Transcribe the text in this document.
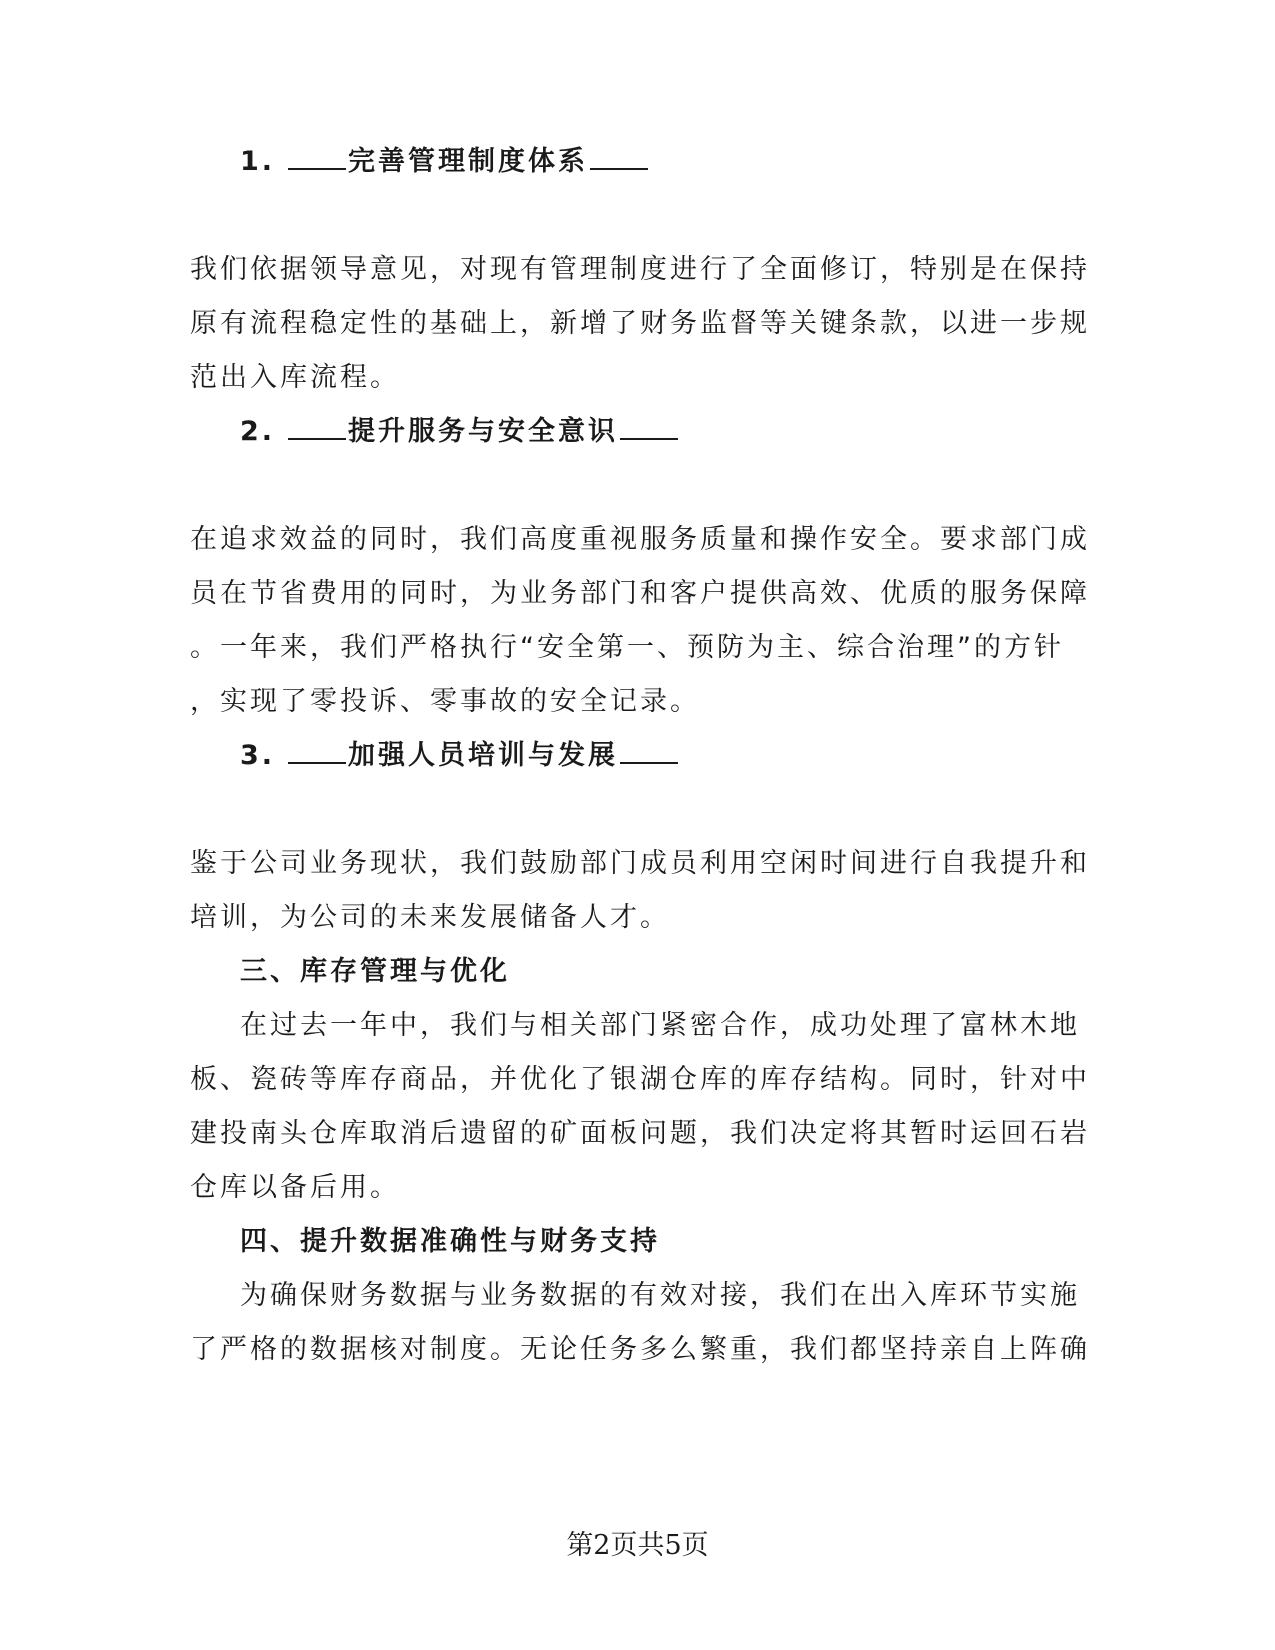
1.	完善管理制度体系
我们依据领导意见，对现有管理制度进行了全面修订，特别是在保持
原有流程稳定性的基础上，新增了财务监督等关键条款，以进一步规
范出入库流程。
2.	提升服务与安全意识
在追求效益的同时，我们高度重视服务质量和操作安全。要求部门成
员在节省费用的同时，为业务部门和客户提供高效、优质的服务保障
。一年来，我们严格执行“安全第一、预防为主、综合治理”的方针
，实现了零投诉、零事故的安全记录。
3.	加强人员培训与发展
鉴于公司业务现状，我们鼓励部门成员利用空闲时间进行自我提升和
培训，为公司的未来发展储备人才。
三、库存管理与优化
在过去一年中，我们与相关部门紧密合作，成功处理了富林木地
板、瓷砖等库存商品，并优化了银湖仓库的库存结构。同时，针对中
建投南头仓库取消后遗留的矿面板问题，我们决定将其暂时运回石岩
仓库以备后用。
四、提升数据准确性与财务支持
为确保财务数据与业务数据的有效对接，我们在出入库环节实施
了严格的数据核对制度。无论任务多么繁重，我们都坚持亲自上阵确
第2页共5页
